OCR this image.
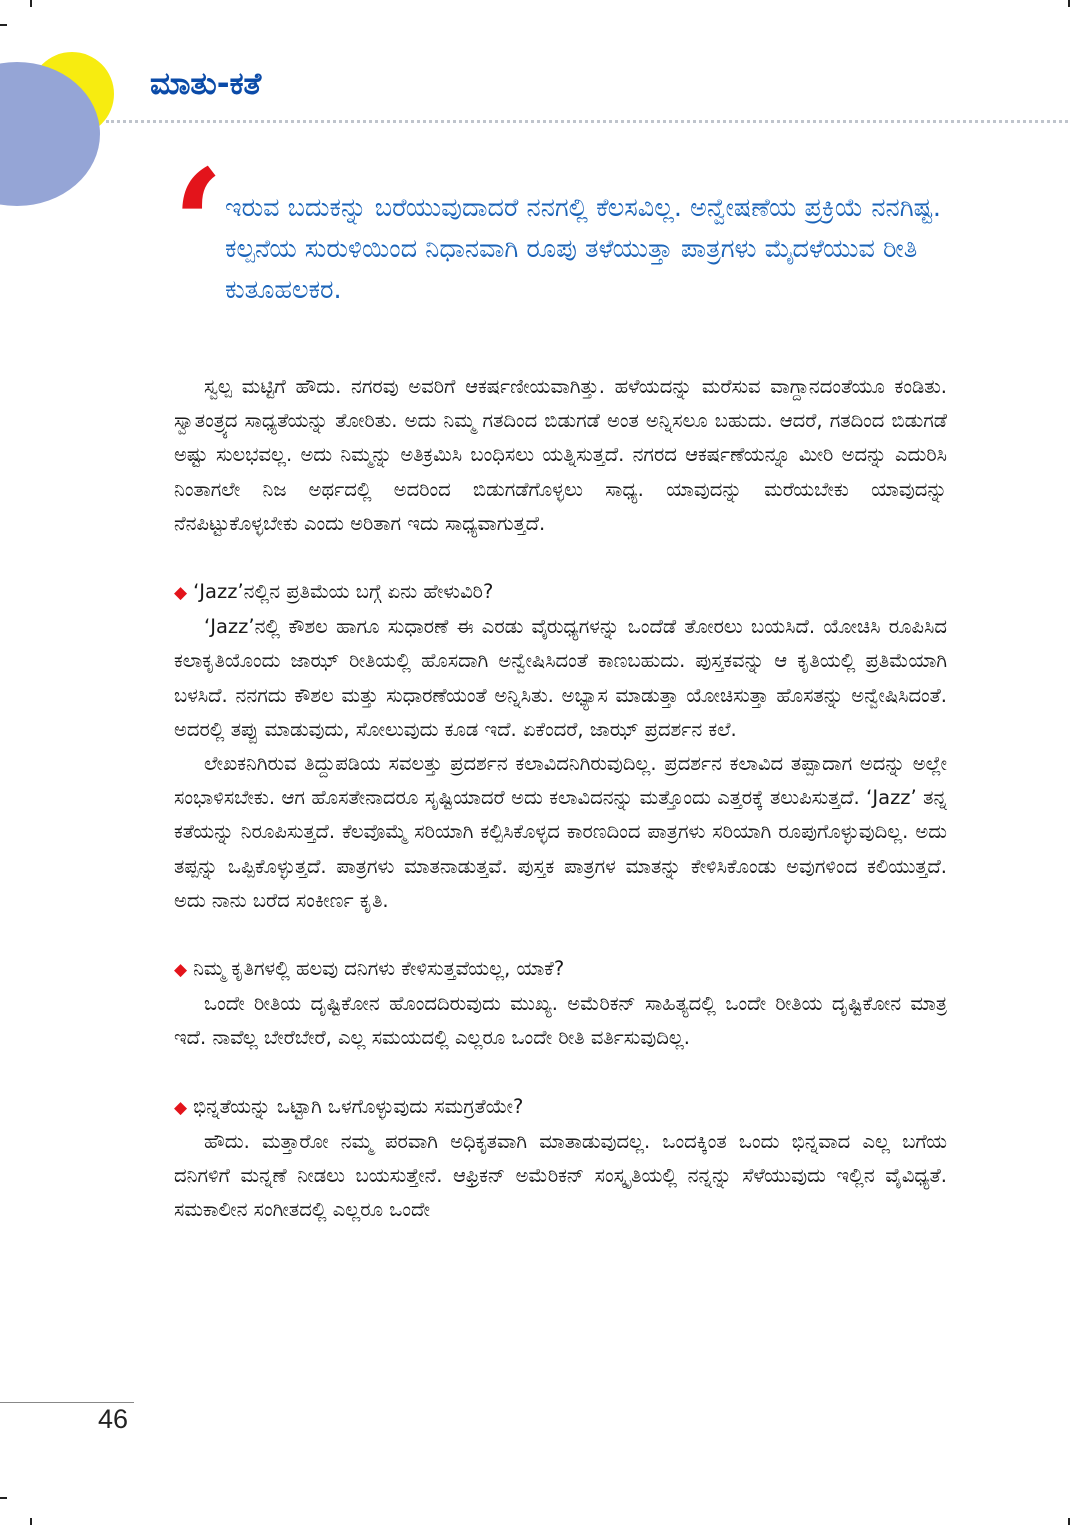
ಮಾತು-ಕತೆ
‘ ಇರುವ ಬದುಕನ್ನು ಬರೆಯುವುದಾದರೆ ನನಗಲ್ಲಿ ಕೆಲಸವಿಲ್ಲ. ಅನ್ವೇಷಣೆಯ ಪ್ರಕ್ರಿಯೆ ನನಗಿಷ್ಟ. ಕಲ್ಪನೆಯ ಸುರುಳಿಯಿಂದ ನಿಧಾನವಾಗಿ ರೂಪು ತಳೆಯುತ್ತಾ ಪಾತ್ರಗಳು ಮೈದಳೆಯುವ ರೀತಿ ಕುತೂಹಲಕರ.

ಸ್ವಲ್ಪ ಮಟ್ಟಿಗೆ ಹೌದು. ನಗರವು ಅವರಿಗೆ ಆಕರ್ಷಣೀಯವಾಗಿತ್ತು. ಹಳೆಯದನ್ನು ಮರೆಸುವ ವಾಗ್ದಾನದಂತೆಯೂ ಕಂಡಿತು. ಸ್ವಾತಂತ್ರ್ಯದ ಸಾಧ್ಯತೆಯನ್ನು ತೋರಿತು. ಅದು ನಿಮ್ಮ ಗತದಿಂದ ಬಿಡುಗಡೆ ಅಂತ ಅನ್ನಿಸಲೂ ಬಹುದು. ಆದರೆ, ಗತದಿಂದ ಬಿಡುಗಡೆ ಅಷ್ಟು ಸುಲಭವಲ್ಲ. ಅದು ನಿಮ್ಮನ್ನು ಅತಿಕ್ರಮಿಸಿ ಬಂಧಿಸಲು ಯತ್ನಿಸುತ್ತದೆ. ನಗರದ ಆಕರ್ಷಣೆಯನ್ನೂ ಮೀರಿ ಅದನ್ನು ಎದುರಿಸಿ ನಿಂತಾಗಲೇ ನಿಜ ಅರ್ಥದಲ್ಲಿ ಅದರಿಂದ ಬಿಡುಗಡೆಗೊಳ್ಳಲು ಸಾಧ್ಯ. ಯಾವುದನ್ನು ಮರೆಯಬೇಕು ಯಾವುದನ್ನು ನೆನಪಿಟ್ಟುಕೊಳ್ಳಬೇಕು ಎಂದು ಅರಿತಾಗ ಇದು ಸಾಧ್ಯವಾಗುತ್ತದೆ.

◆ ‘Jazz’ನಲ್ಲಿನ ಪ್ರತಿಮೆಯ ಬಗ್ಗೆ ಏನು ಹೇಳುವಿರಿ?

‘Jazz’ನಲ್ಲಿ ಕೌಶಲ ಹಾಗೂ ಸುಧಾರಣೆ ಈ ಎರಡು ವೈರುಧ್ಯಗಳನ್ನು ಒಂದೆಡೆ ತೋರಲು ಬಯಸಿದೆ. ಯೋಚಿಸಿ ರೂಪಿಸಿದ ಕಲಾಕೃತಿಯೊಂದು ಜಾಝ್ ರೀತಿಯಲ್ಲಿ ಹೊಸದಾಗಿ ಅನ್ವೇಷಿಸಿದಂತೆ ಕಾಣಬಹುದು. ಪುಸ್ತಕವನ್ನು ಆ ಕೃತಿಯಲ್ಲಿ ಪ್ರತಿಮೆಯಾಗಿ ಬಳಸಿದೆ. ನನಗದು ಕೌಶಲ ಮತ್ತು ಸುಧಾರಣೆಯಂತೆ ಅನ್ನಿಸಿತು. ಅಭ್ಯಾಸ ಮಾಡುತ್ತಾ ಯೋಚಿಸುತ್ತಾ ಹೊಸತನ್ನು ಅನ್ವೇಷಿಸಿದಂತೆ. ಅದರಲ್ಲಿ ತಪ್ಪು ಮಾಡುವುದು, ಸೋಲುವುದು ಕೂಡ ಇದೆ. ಏಕೆಂದರೆ, ಜಾಝ್ ಪ್ರದರ್ಶನ ಕಲೆ.

ಲೇಖಕನಿಗಿರುವ ತಿದ್ದುಪಡಿಯ ಸವಲತ್ತು ಪ್ರದರ್ಶನ ಕಲಾವಿದನಿಗಿರುವುದಿಲ್ಲ. ಪ್ರದರ್ಶನ ಕಲಾವಿದ ತಪ್ಪಾದಾಗ ಅದನ್ನು ಅಲ್ಲೇ ಸಂಭಾಳಿಸಬೇಕು. ಆಗ ಹೊಸತೇನಾದರೂ ಸೃಷ್ಟಿಯಾದರೆ ಅದು ಕಲಾವಿದನನ್ನು ಮತ್ತೊಂದು ಎತ್ತರಕ್ಕೆ ತಲುಪಿಸುತ್ತದೆ. ‘Jazz’ ತನ್ನ ಕತೆಯನ್ನು ನಿರೂಪಿಸುತ್ತದೆ. ಕೆಲವೊಮ್ಮೆ ಸರಿಯಾಗಿ ಕಲ್ಪಿಸಿಕೊಳ್ಳದ ಕಾರಣದಿಂದ ಪಾತ್ರಗಳು ಸರಿಯಾಗಿ ರೂಪುಗೊಳ್ಳುವುದಿಲ್ಲ. ಅದು ತಪ್ಪನ್ನು ಒಪ್ಪಿಕೊಳ್ಳುತ್ತದೆ. ಪಾತ್ರಗಳು ಮಾತನಾಡುತ್ತವೆ. ಪುಸ್ತಕ ಪಾತ್ರಗಳ ಮಾತನ್ನು ಕೇಳಿಸಿಕೊಂಡು ಅವುಗಳಿಂದ ಕಲಿಯುತ್ತದೆ. ಅದು ನಾನು ಬರೆದ ಸಂಕೀರ್ಣ ಕೃತಿ.

◆ ನಿಮ್ಮ ಕೃತಿಗಳಲ್ಲಿ ಹಲವು ದನಿಗಳು ಕೇಳಿಸುತ್ತವೆಯಲ್ಲ, ಯಾಕೆ?

ಒಂದೇ ರೀತಿಯ ದೃಷ್ಟಿಕೋನ ಹೊಂದದಿರುವುದು ಮುಖ್ಯ. ಅಮೆರಿಕನ್ ಸಾಹಿತ್ಯದಲ್ಲಿ ಒಂದೇ ರೀತಿಯ ದೃಷ್ಟಿಕೋನ ಮಾತ್ರ ಇದೆ. ನಾವೆಲ್ಲ ಬೇರೆಬೇರೆ, ಎಲ್ಲ ಸಮಯದಲ್ಲಿ ಎಲ್ಲರೂ ಒಂದೇ ರೀತಿ ವರ್ತಿಸುವುದಿಲ್ಲ.

◆ ಭಿನ್ನತೆಯನ್ನು ಒಟ್ಟಾಗಿ ಒಳಗೊಳ್ಳುವುದು ಸಮಗ್ರತೆಯೇ?

ಹೌದು. ಮತ್ತಾರೋ ನಮ್ಮ ಪರವಾಗಿ ಅಧಿಕೃತವಾಗಿ ಮಾತಾಡುವುದಲ್ಲ. ಒಂದಕ್ಕಿಂತ ಒಂದು ಭಿನ್ನವಾದ ಎಲ್ಲ ಬಗೆಯ ದನಿಗಳಿಗೆ ಮನ್ನಣೆ ನೀಡಲು ಬಯಸುತ್ತೇನೆ. ಆಫ್ರಿಕನ್ ಅಮೆರಿಕನ್ ಸಂಸ್ಕೃತಿಯಲ್ಲಿ ನನ್ನನ್ನು ಸೆಳೆಯುವುದು ಇಲ್ಲಿನ ವೈವಿಧ್ಯತೆ. ಸಮಕಾಲೀನ ಸಂಗೀತದಲ್ಲಿ ಎಲ್ಲರೂ ಒಂದೇ

46
